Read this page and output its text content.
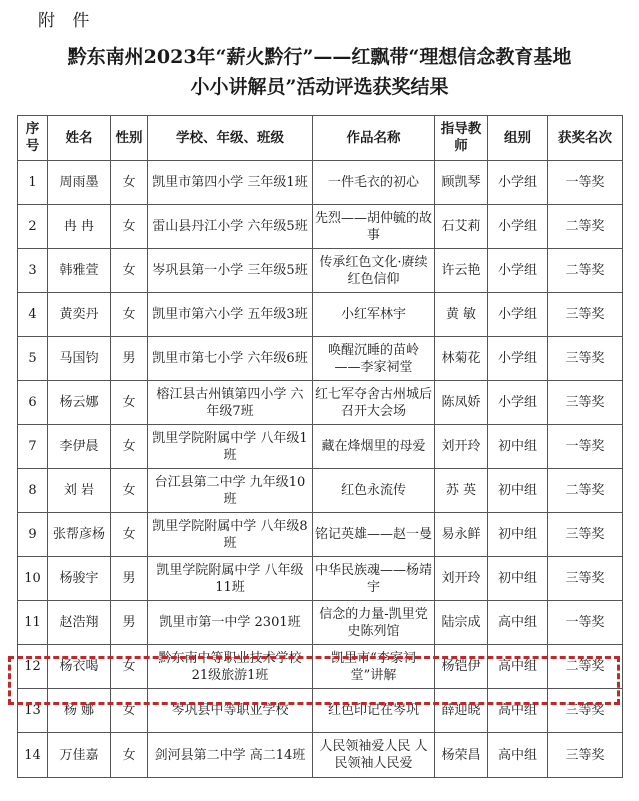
附 件
黔东南州2023年“薪火黔行”——红飘带“理想信念教育基地
小小讲解员”活动评选获奖结果
序号	姓名	性别	学校、年级、班级	作品名称	指导教师	组别	获奖名次
1	周雨墨	女	凯里市第四小学 三年级1班	一件毛衣的初心	顾凯琴	小学组	一等奖
2	冉 冉	女	雷山县丹江小学 六年级5班	先烈——胡仲毓的故事	石艾莉	小学组	二等奖
3	韩雅萱	女	岑巩县第一小学 三年级5班	传承红色文化·赓续红色信仰	许云艳	小学组	二等奖
4	黄奕丹	女	凯里市第六小学 五年级3班	小红军林宇	黄 敏	小学组	三等奖
5	马国钧	男	凯里市第七小学 六年级6班	唤醒沉睡的苗岭 ——李家祠堂	林菊花	小学组	三等奖
6	杨云娜	女	榕江县古州镇第四小学 六年级7班	红七军夺舍古州城后召开大会场	陈凤娇	小学组	三等奖
7	李伊晨	女	凯里学院附属中学 八年级1班	藏在烽烟里的母爱	刘开玲	初中组	一等奖
8	刘 岩	女	台江县第二中学 九年级10班	红色永流传	苏 英	初中组	二等奖
9	张帮彦杨	女	凯里学院附属中学 八年级8班	铭记英雄——赵一曼	易永鲜	初中组	三等奖
10	杨骏宇	男	凯里学院附属中学 八年级11班	中华民族魂——杨靖宇	刘开玲	初中组	三等奖
11	赵浩翔	男	凯里市第一中学 2301班	信念的力量-凯里党史陈列馆	陆宗成	高中组	一等奖
12	杨衣喝	女	黔东南中等职业技术学校 21级旅游1班	凯里市“李家祠堂”讲解	杨铠伊	高中组	二等奖
13	杨 娜	女	岑巩县中等职业学校	红色印记在岑巩	薛迎晓	高中组	三等奖
14	万佳嘉	女	剑河县第二中学 高二14班	人民领袖爱人民 人民领袖人民爱	杨荣昌	高中组	三等奖
